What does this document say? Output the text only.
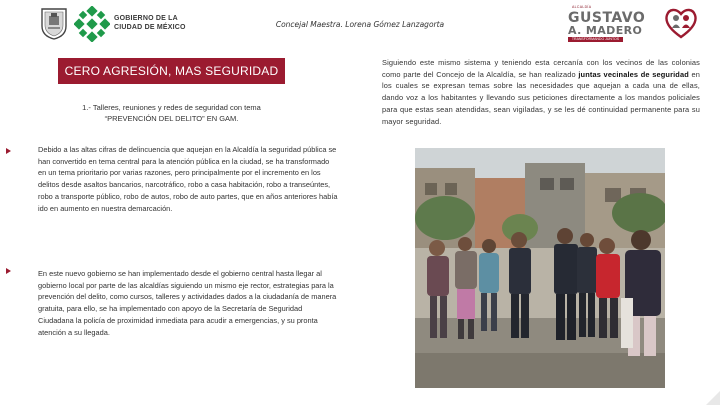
GOBIERNO DE LA
CIUDAD DE MÉXICO	Concejal Maestra. Lorena Gómez Lanzagorta
ALCALDÍA
GUSTAVO
A. MADERO
TRANSFORMANDO JUNTOS
CERO AGRESIÓN, MAS SEGURIDAD
1.- Talleres, reuniones y redes de seguridad con tema
“PREVENCIÓN DEL DELITO” EN GAM.
Debido a las altas cifras de delincuencia que aquejan en la Alcaldía la seguridad pública se han convertido en tema central para la atención pública en la ciudad, se ha transformado en un tema prioritario por varias razones, pero principalmente por el incremento en los delitos desde asaltos bancarios, narcotráfico, robo a casa habitación, robo a transeúntes, robo a transporte público, robo de autos, robo de auto partes, que en años anteriores había ido en aumento en nuestra demarcación.
En este nuevo gobierno se han implementado desde el gobierno central hasta llegar al gobierno local por parte de las alcaldías siguiendo un mismo eje rector, estrategias para la prevención del delito, como cursos, talleres y actividades dados a la ciudadanía de manera gratuita, para ello, se ha implementado con apoyo de la Secretaría de Seguridad Ciudadana la policía de proximidad inmediata para acudir a emergencias, y su pronta atención a su llegada.
Siguiendo este mismo sistema y teniendo esta cercanía con los vecinos de las colonias como parte del Concejo de la Alcaldía, se han realizado juntas vecinales de seguridad en los cuales se expresan temas sobre las necesidades que aquejan a cada una de ellas, dando voz a los habitantes y llevando sus peticiones directamente a los mandos policiales para que estas sean atendidas, sean vigiladas, y se les dé continuidad permanente para su mayor seguridad.
